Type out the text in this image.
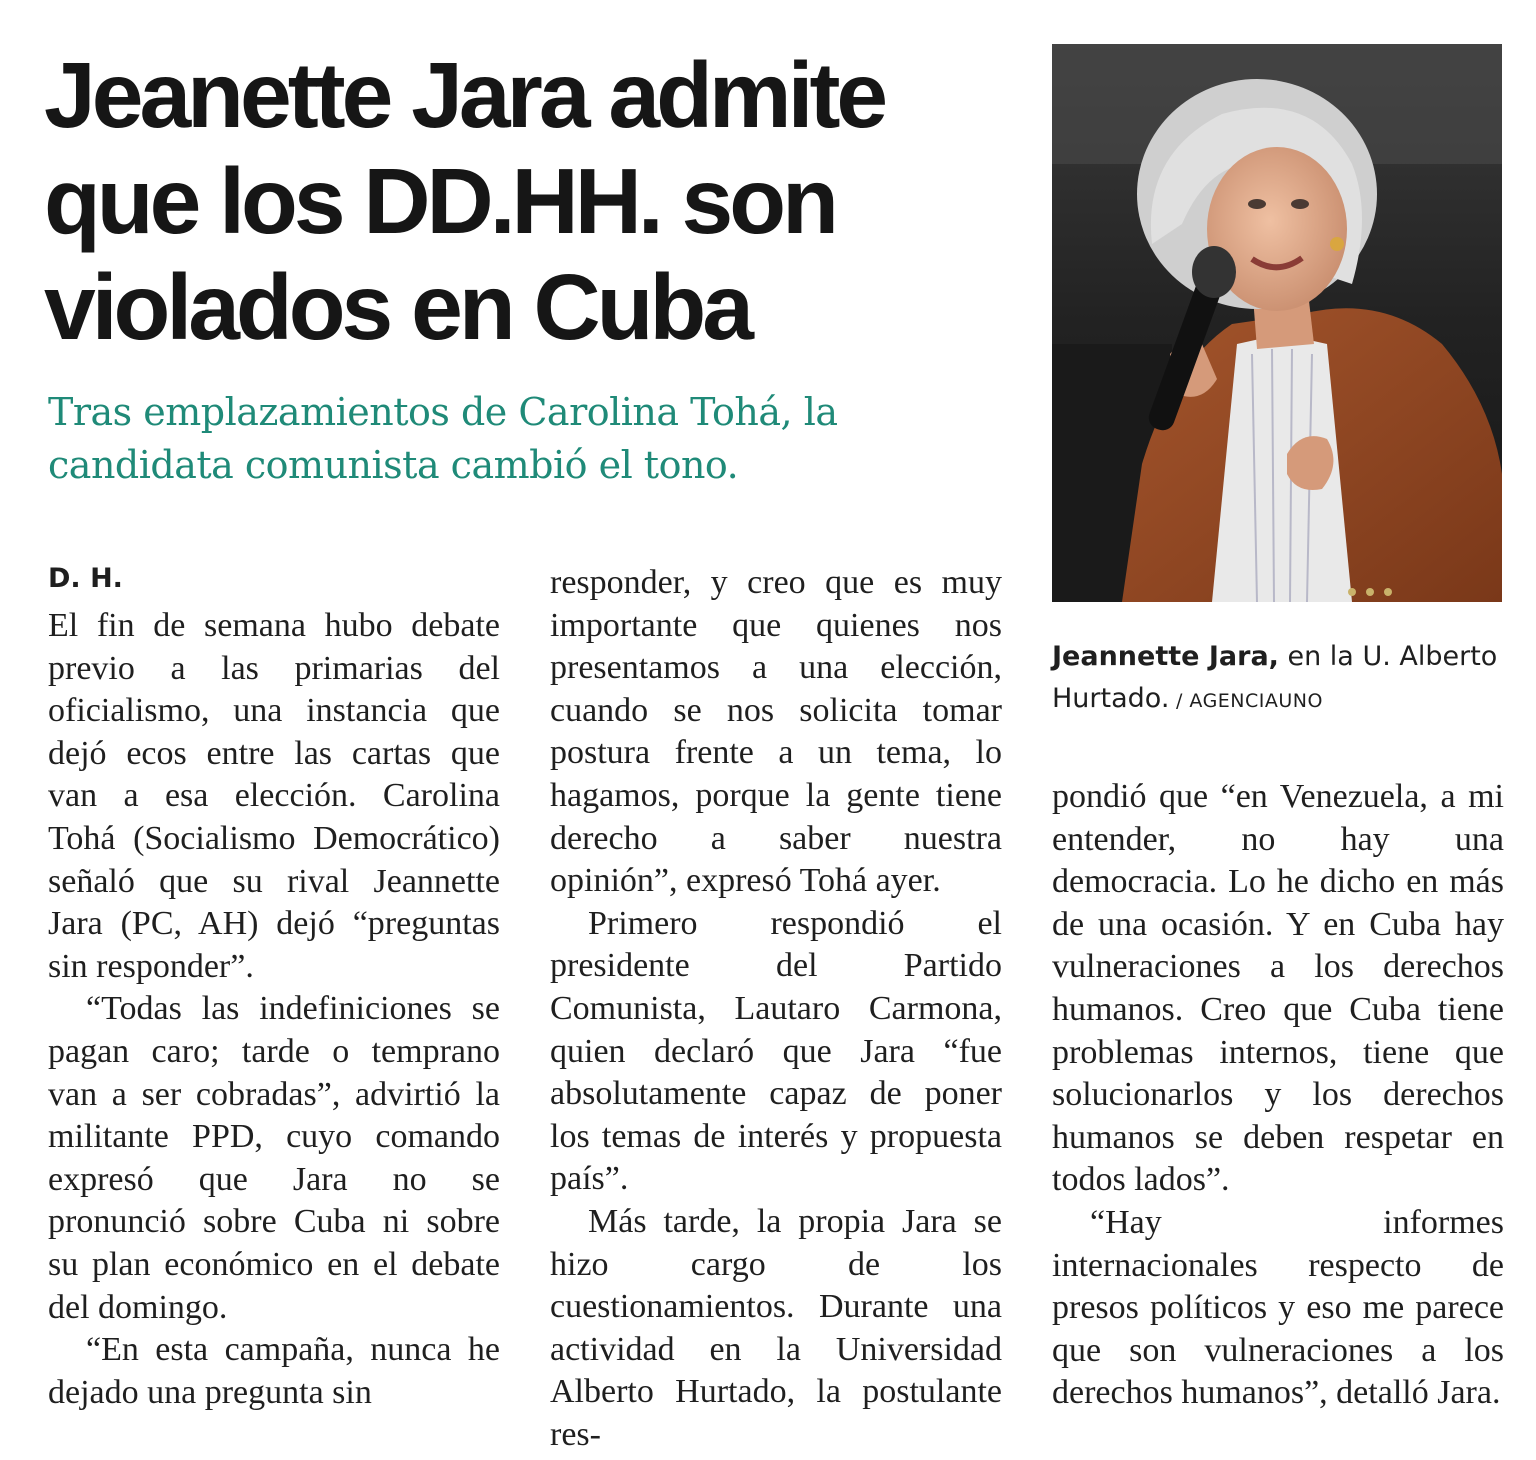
Jeanette Jara admite que los DD.HH. son violados en Cuba

Tras emplazamientos de Carolina Tohá, la candidata comunista cambió el tono.

Jeannette Jara, en la U. Alberto Hurtado. / AGENCIAUNO
D. H.

El fin de semana hubo debate previo a las primarias del oficialismo, una instancia que dejó ecos entre las cartas que van a esa elección. Carolina Tohá (Socialismo Democrático) señaló que su rival Jeannette Jara (PC, AH) dejó “preguntas sin responder”.

“Todas las indefiniciones se pagan caro; tarde o temprano van a ser cobradas”, advirtió la militante PPD, cuyo comando expresó que Jara no se pronunció sobre Cuba ni sobre su plan económico en el debate del domingo.

“En esta campaña, nunca he dejado una pregunta sin

responder, y creo que es muy importante que quienes nos presentamos a una elección, cuando se nos solicita tomar postura frente a un tema, lo hagamos, porque la gente tiene derecho a saber nuestra opinión”, expresó Tohá ayer.

Primero respondió el presidente del Partido Comunista, Lautaro Carmona, quien declaró que Jara “fue absolutamente capaz de poner los temas de interés y propuesta país”.

Más tarde, la propia Jara se hizo cargo de los cuestionamientos. Durante una actividad en la Universidad Alberto Hurtado, la postulante res-

pondió que “en Venezuela, a mi entender, no hay una democracia. Lo he dicho en más de una ocasión. Y en Cuba hay vulneraciones a los derechos humanos. Creo que Cuba tiene problemas internos, tiene que solucionarlos y los derechos humanos se deben respetar en todos lados”.

“Hay informes internacionales respecto de presos políticos y eso me parece que son vulneraciones a los derechos humanos”, detalló Jara.
